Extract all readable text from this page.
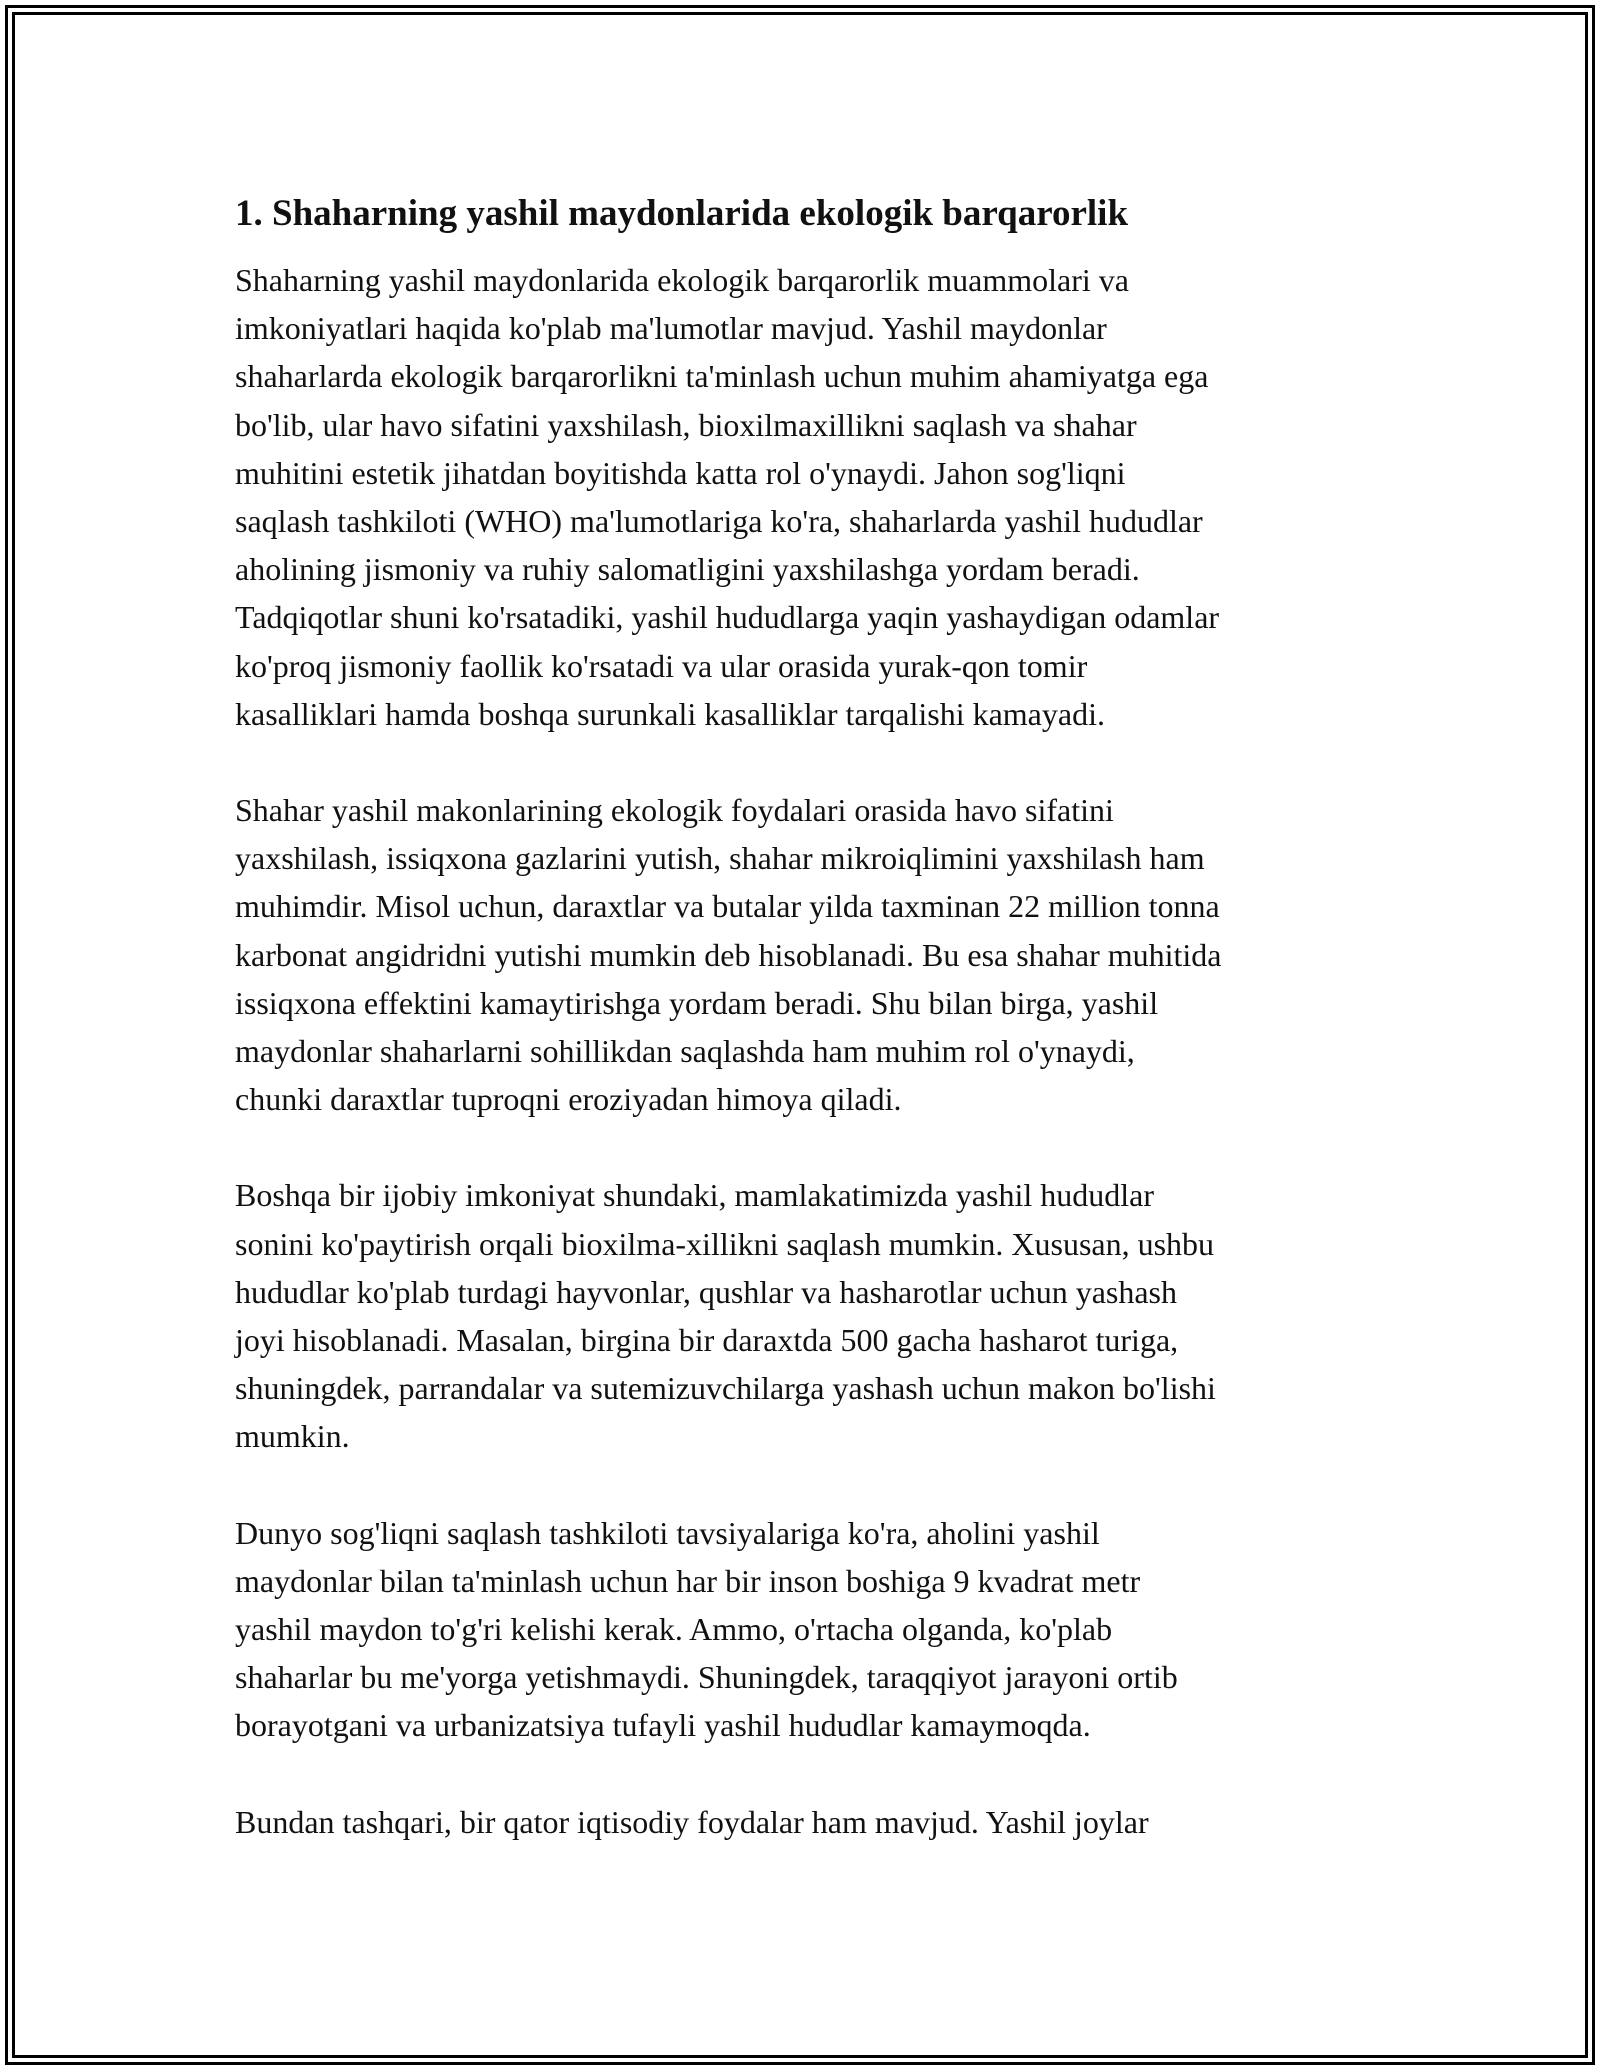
1. Shaharning yashil maydonlarida ekologik barqarorlik

Shaharning yashil maydonlarida ekologik barqarorlik muammolari va
imkoniyatlari haqida ko'plab ma'lumotlar mavjud. Yashil maydonlar
shaharlarda ekologik barqarorlikni ta'minlash uchun muhim ahamiyatga ega
bo'lib, ular havo sifatini yaxshilash, bioxilmaxillikni saqlash va shahar
muhitini estetik jihatdan boyitishda katta rol o'ynaydi. Jahon sog'liqni
saqlash tashkiloti (WHO) ma'lumotlariga ko'ra, shaharlarda yashil hududlar
aholining jismoniy va ruhiy salomatligini yaxshilashga yordam beradi.
Tadqiqotlar shuni ko'rsatadiki, yashil hududlarga yaqin yashaydigan odamlar
ko'proq jismoniy faollik ko'rsatadi va ular orasida yurak-qon tomir
kasalliklari hamda boshqa surunkali kasalliklar tarqalishi kamayadi.

Shahar yashil makonlarining ekologik foydalari orasida havo sifatini
yaxshilash, issiqxona gazlarini yutish, shahar mikroiqlimini yaxshilash ham
muhimdir. Misol uchun, daraxtlar va butalar yilda taxminan 22 million tonna
karbonat angidridni yutishi mumkin deb hisoblanadi. Bu esa shahar muhitida
issiqxona effektini kamaytirishga yordam beradi. Shu bilan birga, yashil
maydonlar shaharlarni sohillikdan saqlashda ham muhim rol o'ynaydi,
chunki daraxtlar tuproqni eroziyadan himoya qiladi.

Boshqa bir ijobiy imkoniyat shundaki, mamlakatimizda yashil hududlar
sonini ko'paytirish orqali bioxilma-xillikni saqlash mumkin. Xususan, ushbu
hududlar ko'plab turdagi hayvonlar, qushlar va hasharotlar uchun yashash
joyi hisoblanadi. Masalan, birgina bir daraxtda 500 gacha hasharot turiga,
shuningdek, parrandalar va sutemizuvchilarga yashash uchun makon bo'lishi
mumkin.

Dunyo sog'liqni saqlash tashkiloti tavsiyalariga ko'ra, aholini yashil
maydonlar bilan ta'minlash uchun har bir inson boshiga 9 kvadrat metr
yashil maydon to'g'ri kelishi kerak. Ammo, o'rtacha olganda, ko'plab
shaharlar bu me'yorga yetishmaydi. Shuningdek, taraqqiyot jarayoni ortib
borayotgani va urbanizatsiya tufayli yashil hududlar kamaymoqda.

Bundan tashqari, bir qator iqtisodiy foydalar ham mavjud. Yashil joylar
